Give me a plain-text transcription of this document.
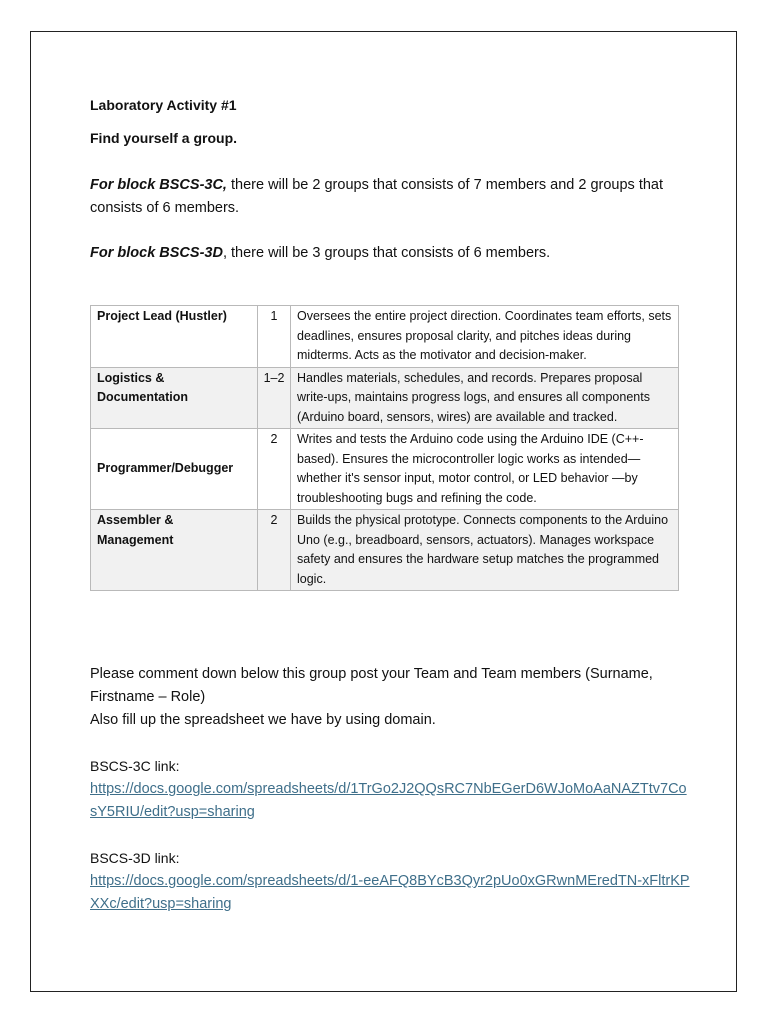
Laboratory Activity #1

Find yourself a group.

For block BSCS-3C, there will be 2 groups that consists of 7 members and 2 groups that consists of 6 members.

For block BSCS-3D, there will be 3 groups that consists of 6 members.

Project Lead (Hustler)	1	Oversees the entire project direction. Coordinates team efforts, sets deadlines, ensures proposal clarity, and pitches ideas during midterms. Acts as the motivator and decision-maker.
Logistics & Documentation	1–2	Handles materials, schedules, and records. Prepares proposal write-ups, maintains progress logs, and ensures all components (Arduino board, sensors, wires) are available and tracked.
Programmer/Debugger	2	Writes and tests the Arduino code using the Arduino IDE (C++-based). Ensures the microcontroller logic works as intended—whether it's sensor input, motor control, or LED behavior —by troubleshooting bugs and refining the code.
Assembler & Management	2	Builds the physical prototype. Connects components to the Arduino Uno (e.g., breadboard, sensors, actuators). Manages workspace safety and ensures the hardware setup matches the programmed logic.

Please comment down below this group post your Team and Team members (Surname, Firstname – Role)

Also fill up the spreadsheet we have by using domain.

BSCS-3C link:

https://docs.google.com/spreadsheets/d/1TrGo2J2QQsRC7NbEGerD6WJoMoAaNAZTtv7CosY5RIU/edit?usp=sharing

BSCS-3D link:

https://docs.google.com/spreadsheets/d/1-eeAFQ8BYcB3Qyr2pUo0xGRwnMEredTN-xFltrKPXXc/edit?usp=sharing
